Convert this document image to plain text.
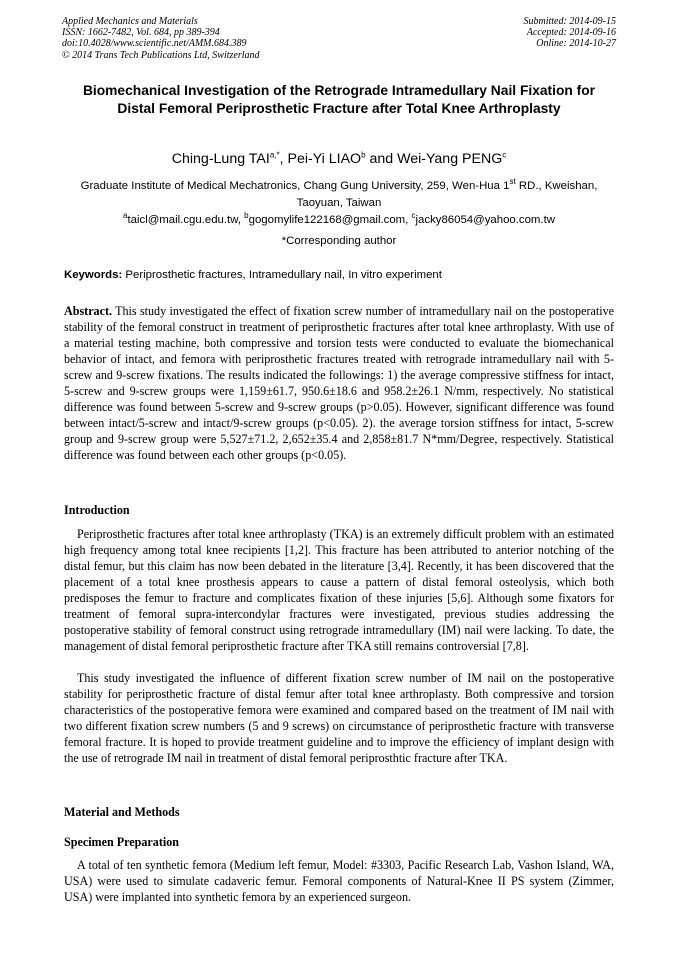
Applied Mechanics and Materials
ISSN: 1662-7482, Vol. 684, pp 389-394
doi:10.4028/www.scientific.net/AMM.684.389
© 2014 Trans Tech Publications Ltd, Switzerland
Submitted: 2014-09-15
Accepted: 2014-09-16
Online: 2014-10-27
Biomechanical Investigation of the Retrograde Intramedullary Nail Fixation for Distal Femoral Periprosthetic Fracture after Total Knee Arthroplasty
Ching-Lung $TAI^{a,*}$, Pei-Yi LIAO$^b$ and Wei-Yang PENG$^c$
Graduate Institute of Medical Mechatronics, Chang Gung University, 259, Wen-Hua 1st RD., Kweishan, Taoyuan, Taiwan
$^a$taicl@mail.cgu.edu.tw, $^b$gogomylife122168@gmail.com, $^c$jacky86054@yahoo.com.tw
*Corresponding author
Keywords: Periprosthetic fractures, Intramedullary nail, In vitro experiment
Abstract. This study investigated the effect of fixation screw number of intramedullary nail on the postoperative stability of the femoral construct in treatment of periprosthetic fractures after total knee arthroplasty. With use of a material testing machine, both compressive and torsion tests were conducted to evaluate the biomechanical behavior of intact, and femora with periprosthetic fractures treated with retrograde intramedullary nail with 5-screw and 9-screw fixations. The results indicated the followings: 1) the average compressive stiffness for intact, 5-screw and 9-screw groups were 1,159±61.7, 950.6±18.6 and 958.2±26.1 N/mm, respectively. No statistical difference was found between 5-screw and 9-screw groups (p>0.05). However, significant difference was found between intact/5-screw and intact/9-screw groups (p<0.05). 2). the average torsion stiffness for intact, 5-screw group and 9-screw group were 5,527±71.2, 2,652±35.4 and 2,858±81.7 N*mm/Degree, respectively. Statistical difference was found between each other groups (p<0.05).
Introduction
Periprosthetic fractures after total knee arthroplasty (TKA) is an extremely difficult problem with an estimated high frequency among total knee recipients [1,2]. This fracture has been attributed to anterior notching of the distal femur, but this claim has now been debated in the literature [3,4]. Recently, it has been discovered that the placement of a total knee prosthesis appears to cause a pattern of distal femoral osteolysis, which both predisposes the femur to fracture and complicates fixation of these injuries [5,6]. Although some fixators for treatment of femoral supra-intercondylar fractures were investigated, previous studies addressing the postoperative stability of femoral construct using retrograde intramedullary (IM) nail were lacking. To date, the management of distal femoral periprosthetic fracture after TKA still remains controversial [7,8].
This study investigated the influence of different fixation screw number of IM nail on the postoperative stability for periprosthetic fracture of distal femur after total knee arthroplasty. Both compressive and torsion characteristics of the postoperative femora were examined and compared based on the treatment of IM nail with two different fixation screw numbers (5 and 9 screws) on circumstance of periprosthetic fracture with transverse femoral fracture. It is hoped to provide treatment guideline and to improve the efficiency of implant design with the use of retrograde IM nail in treatment of distal femoral periprosthtic fracture after TKA.
Material and Methods
Specimen Preparation
A total of ten synthetic femora (Medium left femur, Model: #3303, Pacific Research Lab, Vashon Island, WA, USA) were used to simulate cadaveric femur. Femoral components of Natural-Knee II PS system (Zimmer, USA) were implanted into synthetic femora by an experienced surgeon.
